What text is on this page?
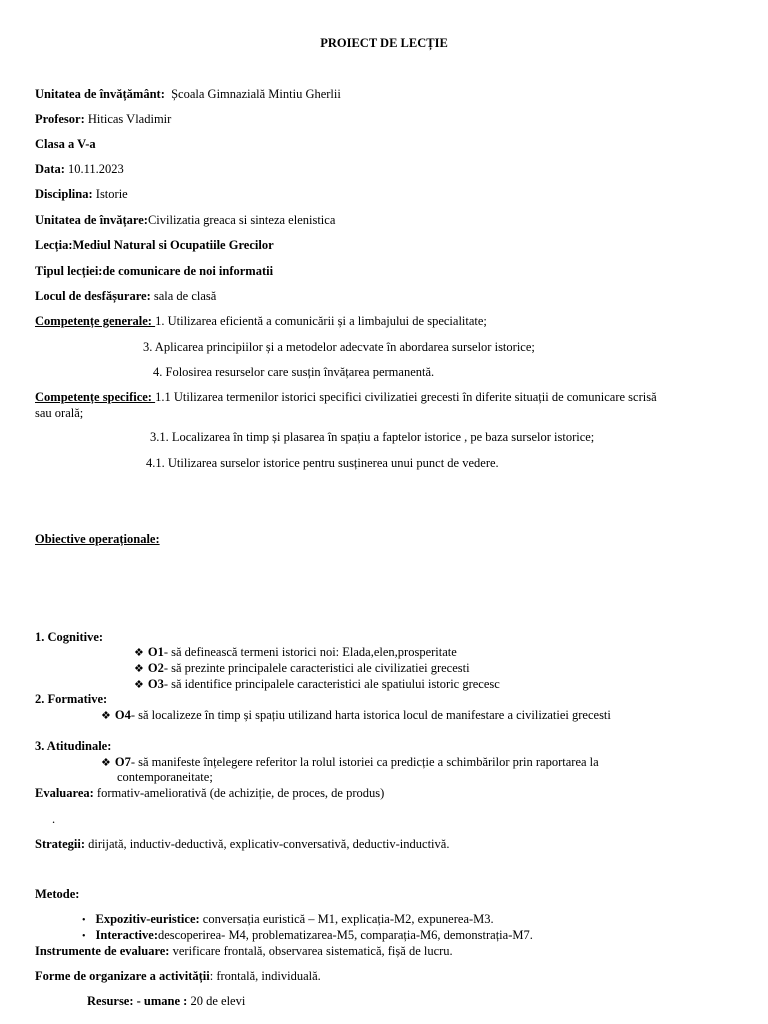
PROIECT DE LECȚIE
Unitatea de învățământ: Școala Gimnazială Mintiu Gherlii
Profesor: Hiticas Vladimir
Clasa a V-a
Data: 10.11.2023
Disciplina: Istorie
Unitatea de învățare:Civilizatia greaca si sinteza elenistica
Lecția:Mediul Natural si Ocupatiile Grecilor
Tipul lecției:de comunicare de noi informatii
Locul de desfășurare: sala de clasă
Competențe generale: 1. Utilizarea eficientă a comunicării și a limbajului de specialitate;
3. Aplicarea principiilor și a metodelor adecvate în abordarea surselor istorice;
4. Folosirea resurselor care susțin învățarea permanentă.
Competențe specifice: 1.1 Utilizarea termenilor istorici specifici civilizatiei grecesti în diferite situații de comunicare scrisă
sau orală;
3.1. Localizarea în timp și plasarea în spațiu a faptelor istorice , pe baza surselor istorice;
4.1. Utilizarea surselor istorice pentru susținerea unui punct de vedere.
Obiective operaționale:
1. Cognitive:
❖ O1- să definească termeni istorici noi: Elada,elen,prosperitate
❖ O2- să prezinte principalele caracteristici ale civilizatiei grecesti
❖ O3- să identifice principalele caracteristici ale spatiului istoric grecesc
2. Formative:
❖ O4- să localizeze în timp și spațiu utilizand harta istorica locul de manifestare a civilizatiei grecesti
3. Atitudinale:
❖ O7- să manifeste înțelegere referitor la rolul istoriei ca predicție a schimbărilor prin raportarea la
contemporaneitate;
Evaluarea: formativ-ameliorativă (de achiziție, de proces, de produs)
.
Strategii: dirijată, inductiv-deductivă, explicativ-conversativă, deductiv-inductivă.
Metode:
• Expozitiv-euristice: conversația euristică – M1, explicația-M2, expunerea-M3.
• Interactive:descoperirea- M4, problematizarea-M5, comparația-M6, demonstrația-M7.
Instrumente de evaluare: verificare frontală, observarea sistematică, fișă de lucru.
Forme de organizare a activității: frontală, individuală.
Resurse: - umane : 20 de elevi
